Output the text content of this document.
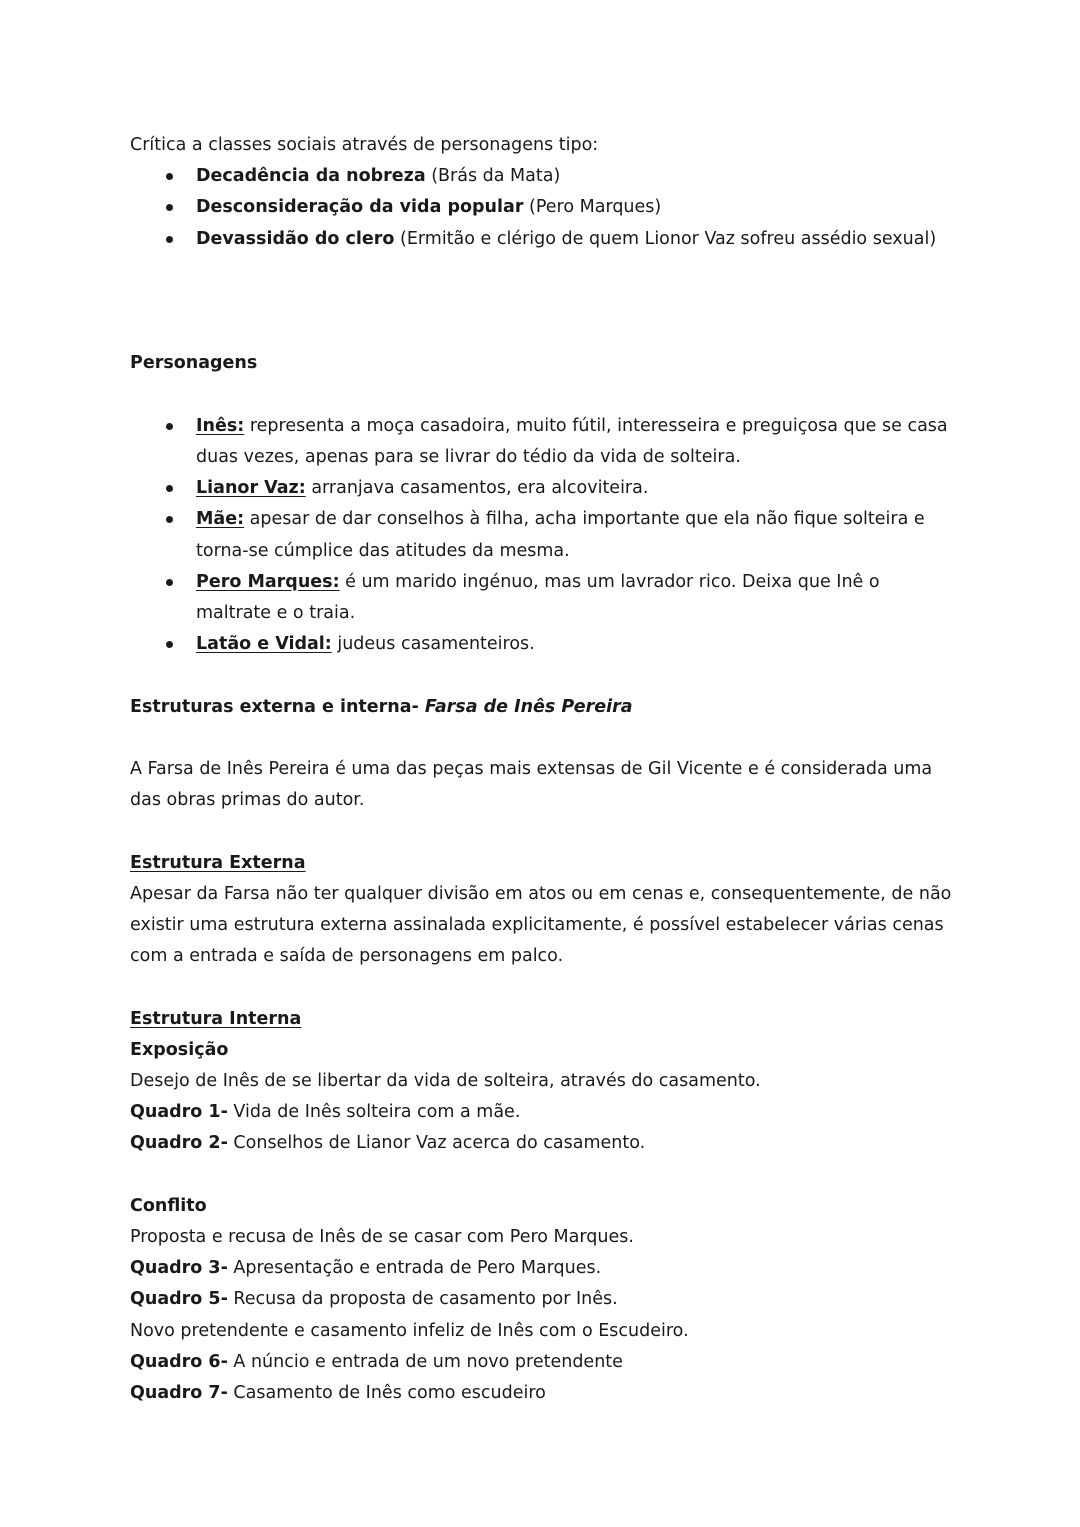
Crítica a classes sociais através de personagens tipo:

Decadência da nobreza (Brás da Mata)
Desconsideração da vida popular (Pero Marques)
Devassidão do clero (Ermitão e clérigo de quem Lionor Vaz sofreu assédio sexual)

Personagens

Inês: representa a moça casadoira, muito fútil, interesseira e preguiçosa que se casa duas vezes, apenas para se livrar do tédio da vida de solteira.
Lianor Vaz: arranjava casamentos, era alcoviteira.
Mãe: apesar de dar conselhos à filha, acha importante que ela não fique solteira e torna-se cúmplice das atitudes da mesma.
Pero Marques: é um marido ingénuo, mas um lavrador rico. Deixa que Inê o maltrate e o traia.
Latão e Vidal: judeus casamenteiros.

Estruturas externa e interna- Farsa de Inês Pereira

A Farsa de Inês Pereira é uma das peças mais extensas de Gil Vicente e é considerada uma das obras primas do autor.

Estrutura Externa

Apesar da Farsa não ter qualquer divisão em atos ou em cenas e, consequentemente, de não existir uma estrutura externa assinalada explicitamente, é possível estabelecer várias cenas com a entrada e saída de personagens em palco.

Estrutura Interna

Exposição

Desejo de Inês de se libertar da vida de solteira, através do casamento.

Quadro 1- Vida de Inês solteira com a mãe.

Quadro 2- Conselhos de Lianor Vaz acerca do casamento.

Conflito

Proposta e recusa de Inês de se casar com Pero Marques.

Quadro 3- Apresentação e entrada de Pero Marques.

Quadro 5- Recusa da proposta de casamento por Inês.

Novo pretendente e casamento infeliz de Inês com o Escudeiro.

Quadro 6- A núncio e entrada de um novo pretendente

Quadro 7- Casamento de Inês como escudeiro
